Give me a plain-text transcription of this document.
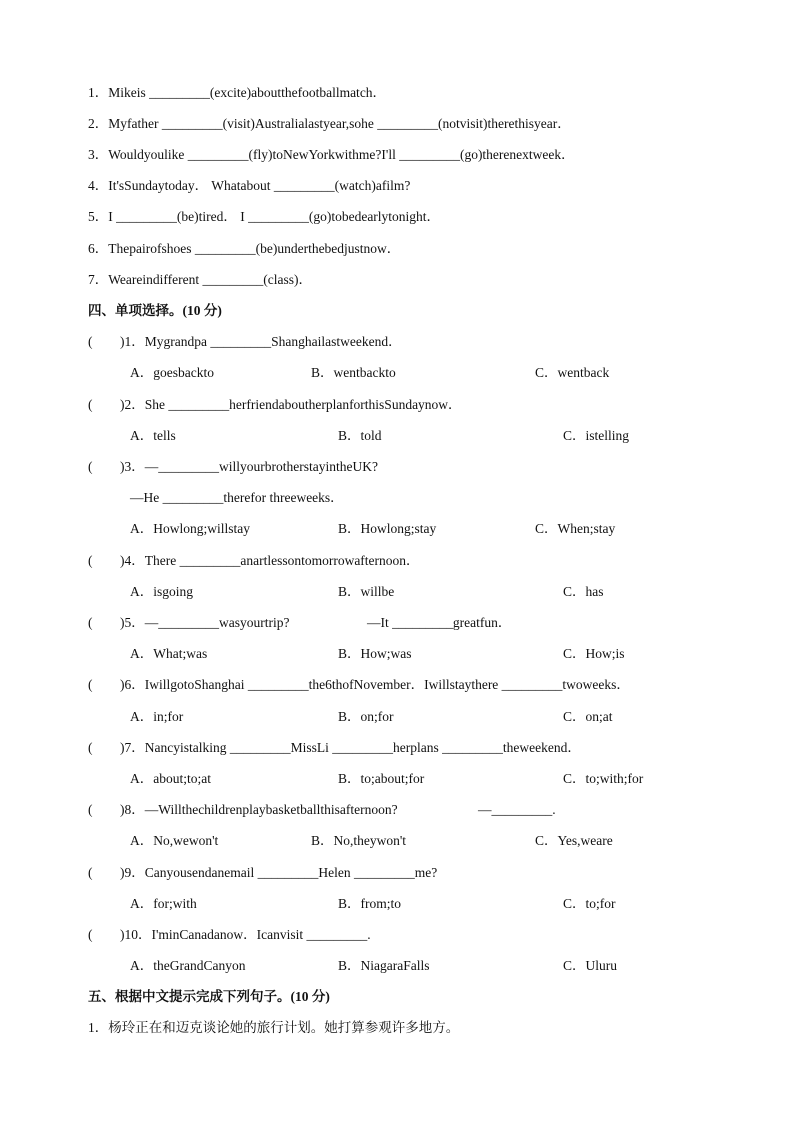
1．Mikeis _________(excite)aboutthefootballmatch．
2．Myfather _________(visit)Australialastyear,sohe _________(notvisit)therethisyear．
3．Wouldyoulike _________(fly)toNewYorkwithme?I'll _________(go)therenextweek．
4．It'sSundaytoday． Whatabout _________(watch)afilm?
5．I _________(be)tired． I _________(go)tobedearlytonight．
6．Thepairofshoes _________(be)underthebedjustnow．
7．Weareindifferent _________(class)．
四、单项选择。(10 分)
( )1．Mygrandpa _________Shanghailastweekend．
A．goesbackto	B．wentbackto	C．wentback
( )2．She _________herfriendaboutherplanforthisSundaynow．
A．tells	B．told	C．istelling
( )3．—_________willyourbrotherstayintheUK?
—He _________therefor threeweeks．
A．Howlong;willstay	B．Howlong;stay	C．When;stay
( )4．There _________anartlessontomorrowafternoon．
A．isgoing	B．willbe	C．has
( )5．—_________wasyourtrip?	—It _________greatfun．
A．What;was	B．How;was	C．How;is
( )6．IwillgotoShanghai _________the6thofNovember．Iwillstaythere _________twoweeks．
A．in;for	B．on;for	C．on;at
( )7．Nancyistalking _________MissLi _________herplans _________theweekend．
A．about;to;at	B．to;about;for	C．to;with;for
( )8．—Willthechildrenplaybasketballthisafternoon?	—_________.
A．No,wewon't	B．No,theywon't	C．Yes,weare
( )9．Canyousendanemail _________Helen _________me?
A．for;with	B．from;to	C．to;for
( )10．I'minCanadanow．Icanvisit _________.
A．theGrandCanyon	B．NiagaraFalls	C．Uluru
五、根据中文提示完成下列句子。(10 分)
1．杨玲正在和迈克谈论她的旅行计划。她打算参观许多地方。
